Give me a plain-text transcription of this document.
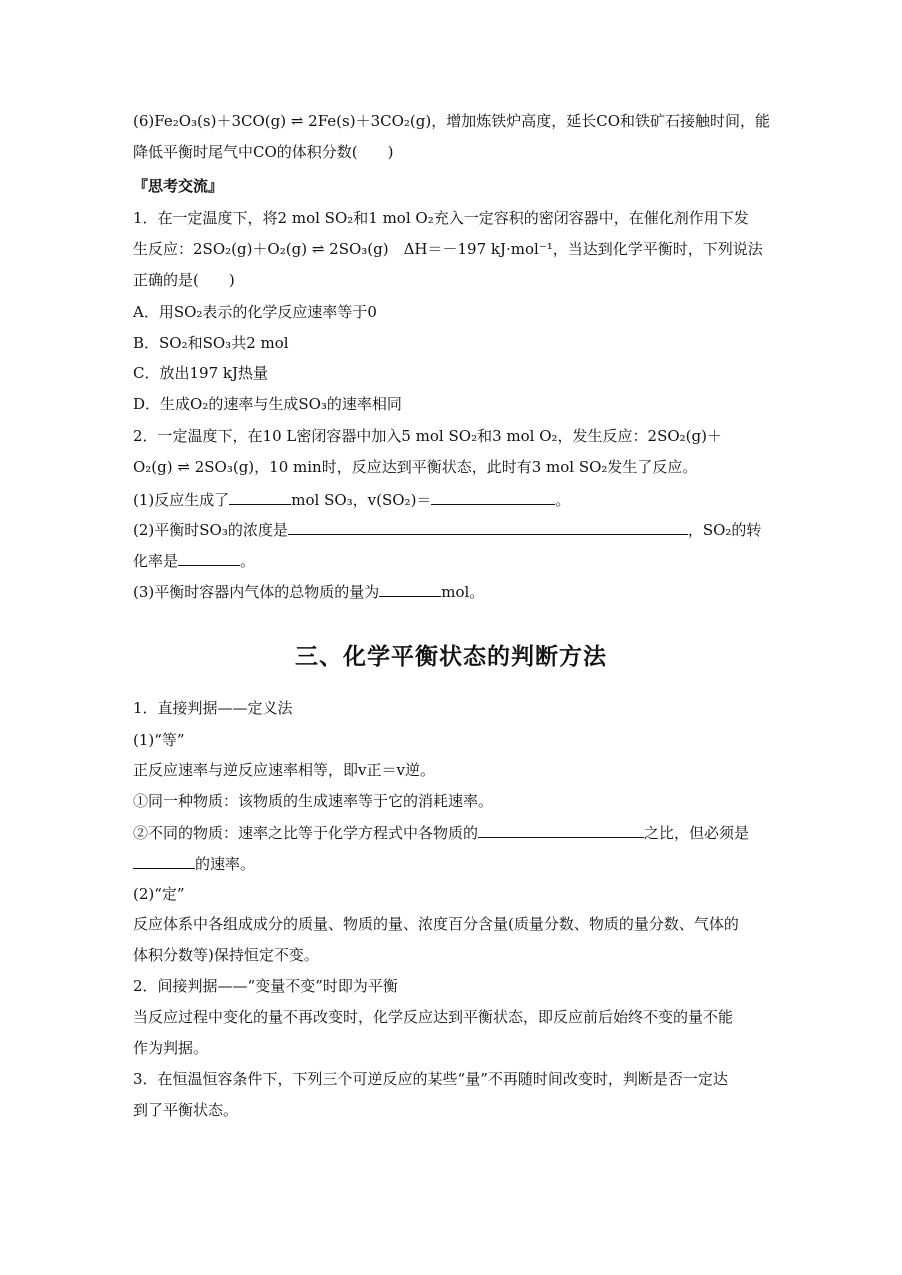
(6)Fe₂O₃(s)＋3CO(g) ⇌ 2Fe(s)＋3CO₂(g)，增加炼铁炉高度，延长CO和铁矿石接触时间，能
降低平衡时尾气中CO的体积分数(　　)
『思考交流』
1．在一定温度下，将2 mol SO₂和1 mol O₂充入一定容积的密闭容器中，在催化剂作用下发
生反应：2SO₂(g)＋O₂(g) ⇌ 2SO₃(g)　ΔH＝－197 kJ·mol⁻¹，当达到化学平衡时，下列说法
正确的是(　　)
A．用SO₂表示的化学反应速率等于0
B．SO₂和SO₃共2 mol
C．放出197 kJ热量
D．生成O₂的速率与生成SO₃的速率相同
2．一定温度下，在10 L密闭容器中加入5 mol SO₂和3 mol O₂，发生反应：2SO₂(g)＋
O₂(g) ⇌ 2SO₃(g)，10 min时，反应达到平衡状态，此时有3 mol SO₂发生了反应。
(1)反应生成了	mol SO₃，v(SO₂)＝	。
(2)平衡时SO₃的浓度是	，SO₂的转
化率是	。
(3)平衡时容器内气体的总物质的量为	mol。
三、化学平衡状态的判断方法
1．直接判据——定义法
(1)“等”
正反应速率与逆反应速率相等，即v正＝v逆。
①同一种物质：该物质的生成速率等于它的消耗速率。
②不同的物质：速率之比等于化学方程式中各物质的	之比，但必须是
的速率。
(2)“定”
反应体系中各组成成分的质量、物质的量、浓度百分含量(质量分数、物质的量分数、气体的
体积分数等)保持恒定不变。
2．间接判据——“变量不变”时即为平衡
当反应过程中变化的量不再改变时，化学反应达到平衡状态，即反应前后始终不变的量不能
作为判据。
3．在恒温恒容条件下，下列三个可逆反应的某些“量”不再随时间改变时，判断是否一定达
到了平衡状态。
